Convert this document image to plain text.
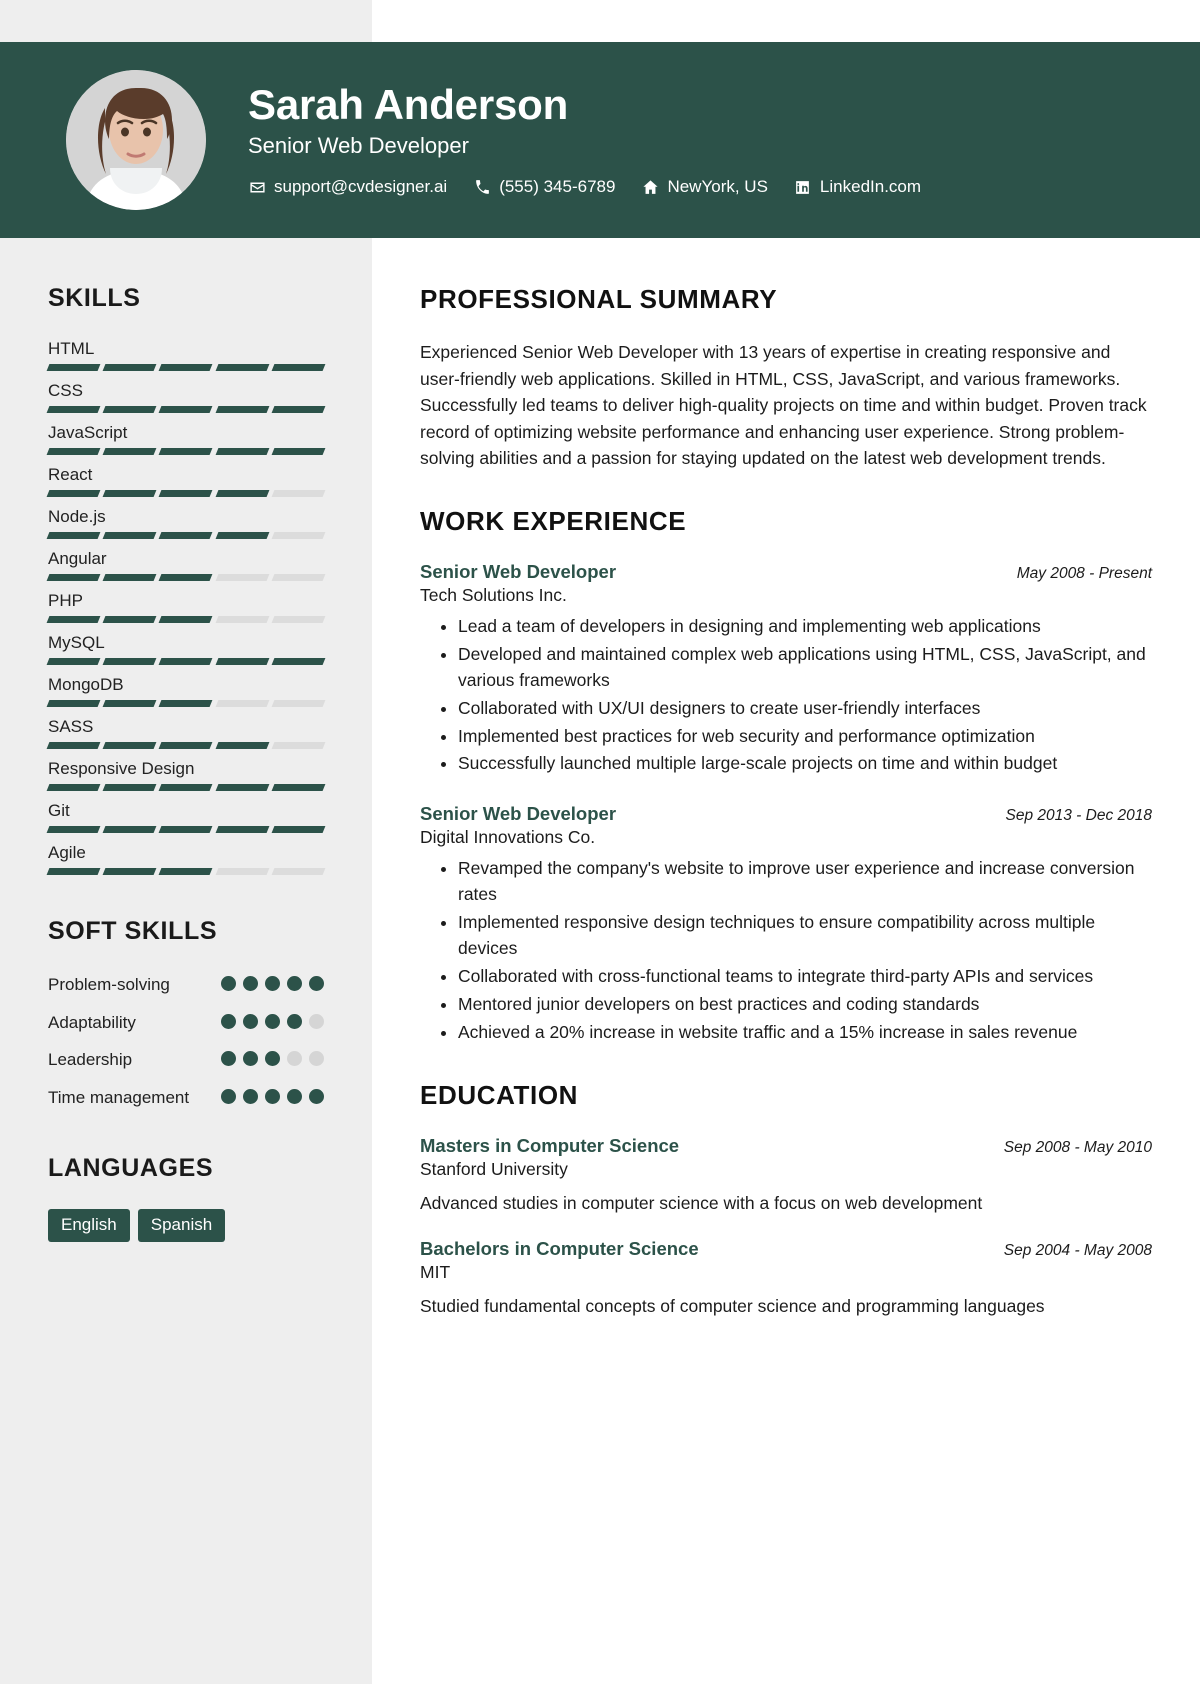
Sarah Anderson
Senior Web Developer
support@cvdesigner.ai	(555) 345-6789	NewYork, US	LinkedIn.com
SKILLS
HTML
CSS
JavaScript
React
Node.js
Angular
PHP
MySQL
MongoDB
SASS
Responsive Design
Git
Agile
SOFT SKILLS
Problem-solving
Adaptability
Leadership
Time management
LANGUAGES
English	Spanish
PROFESSIONAL SUMMARY
Experienced Senior Web Developer with 13 years of expertise in creating responsive and user-friendly web applications. Skilled in HTML, CSS, JavaScript, and various frameworks. Successfully led teams to deliver high-quality projects on time and within budget. Proven track record of optimizing website performance and enhancing user experience. Strong problem-solving abilities and a passion for staying updated on the latest web development trends.
WORK EXPERIENCE
Senior Web Developer	May 2008 - Present
Tech Solutions Inc.
• Lead a team of developers in designing and implementing web applications
• Developed and maintained complex web applications using HTML, CSS, JavaScript, and various frameworks
• Collaborated with UX/UI designers to create user-friendly interfaces
• Implemented best practices for web security and performance optimization
• Successfully launched multiple large-scale projects on time and within budget
Senior Web Developer	Sep 2013 - Dec 2018
Digital Innovations Co.
• Revamped the company's website to improve user experience and increase conversion rates
• Implemented responsive design techniques to ensure compatibility across multiple devices
• Collaborated with cross-functional teams to integrate third-party APIs and services
• Mentored junior developers on best practices and coding standards
• Achieved a 20% increase in website traffic and a 15% increase in sales revenue
EDUCATION
Masters in Computer Science	Sep 2008 - May 2010
Stanford University
Advanced studies in computer science with a focus on web development
Bachelors in Computer Science	Sep 2004 - May 2008
MIT
Studied fundamental concepts of computer science and programming languages
